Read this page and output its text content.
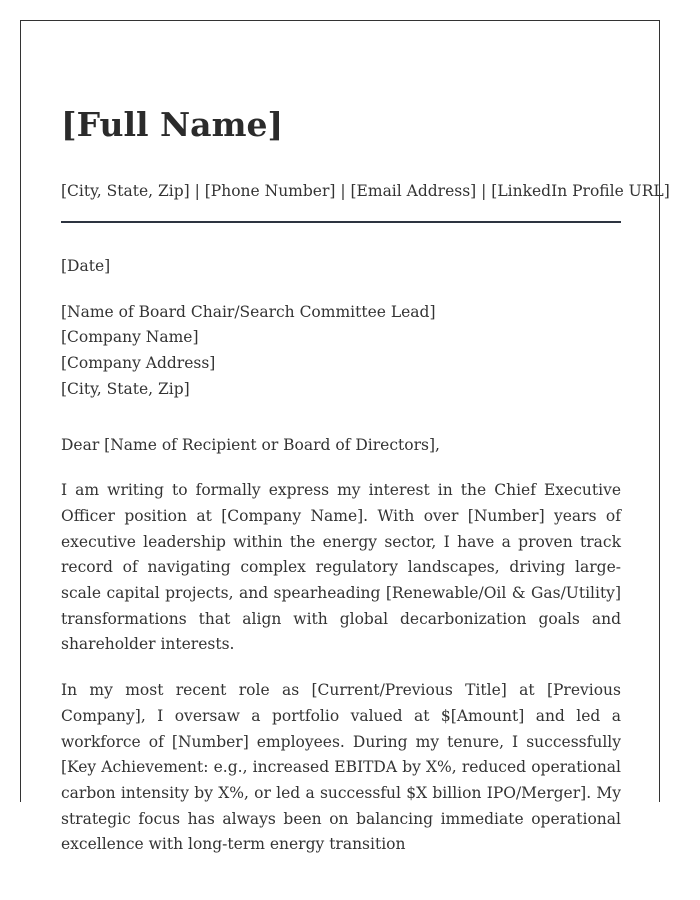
[Full Name]
[City, State, Zip] | [Phone Number] | [Email Address] | [LinkedIn Profile URL]
[Date]
[Name of Board Chair/Search Committee Lead]
[Company Name]
[Company Address]
[City, State, Zip]
Dear [Name of Recipient or Board of Directors],

I am writing to formally express my interest in the Chief Executive Officer position at [Company Name]. With over [Number] years of executive leadership within the energy sector, I have a proven track record of navigating complex regulatory landscapes, driving large-scale capital projects, and spearheading [Renewable/Oil & Gas/Utility] transformations that align with global decarbonization goals and shareholder interests.

In my most recent role as [Current/Previous Title] at [Previous Company], I oversaw a portfolio valued at $[Amount] and led a workforce of [Number] employees. During my tenure, I successfully [Key Achievement: e.g., increased EBITDA by X%, reduced operational carbon intensity by X%, or led a successful $X billion IPO/Merger]. My strategic focus has always been on balancing immediate operational excellence with long-term energy transition
